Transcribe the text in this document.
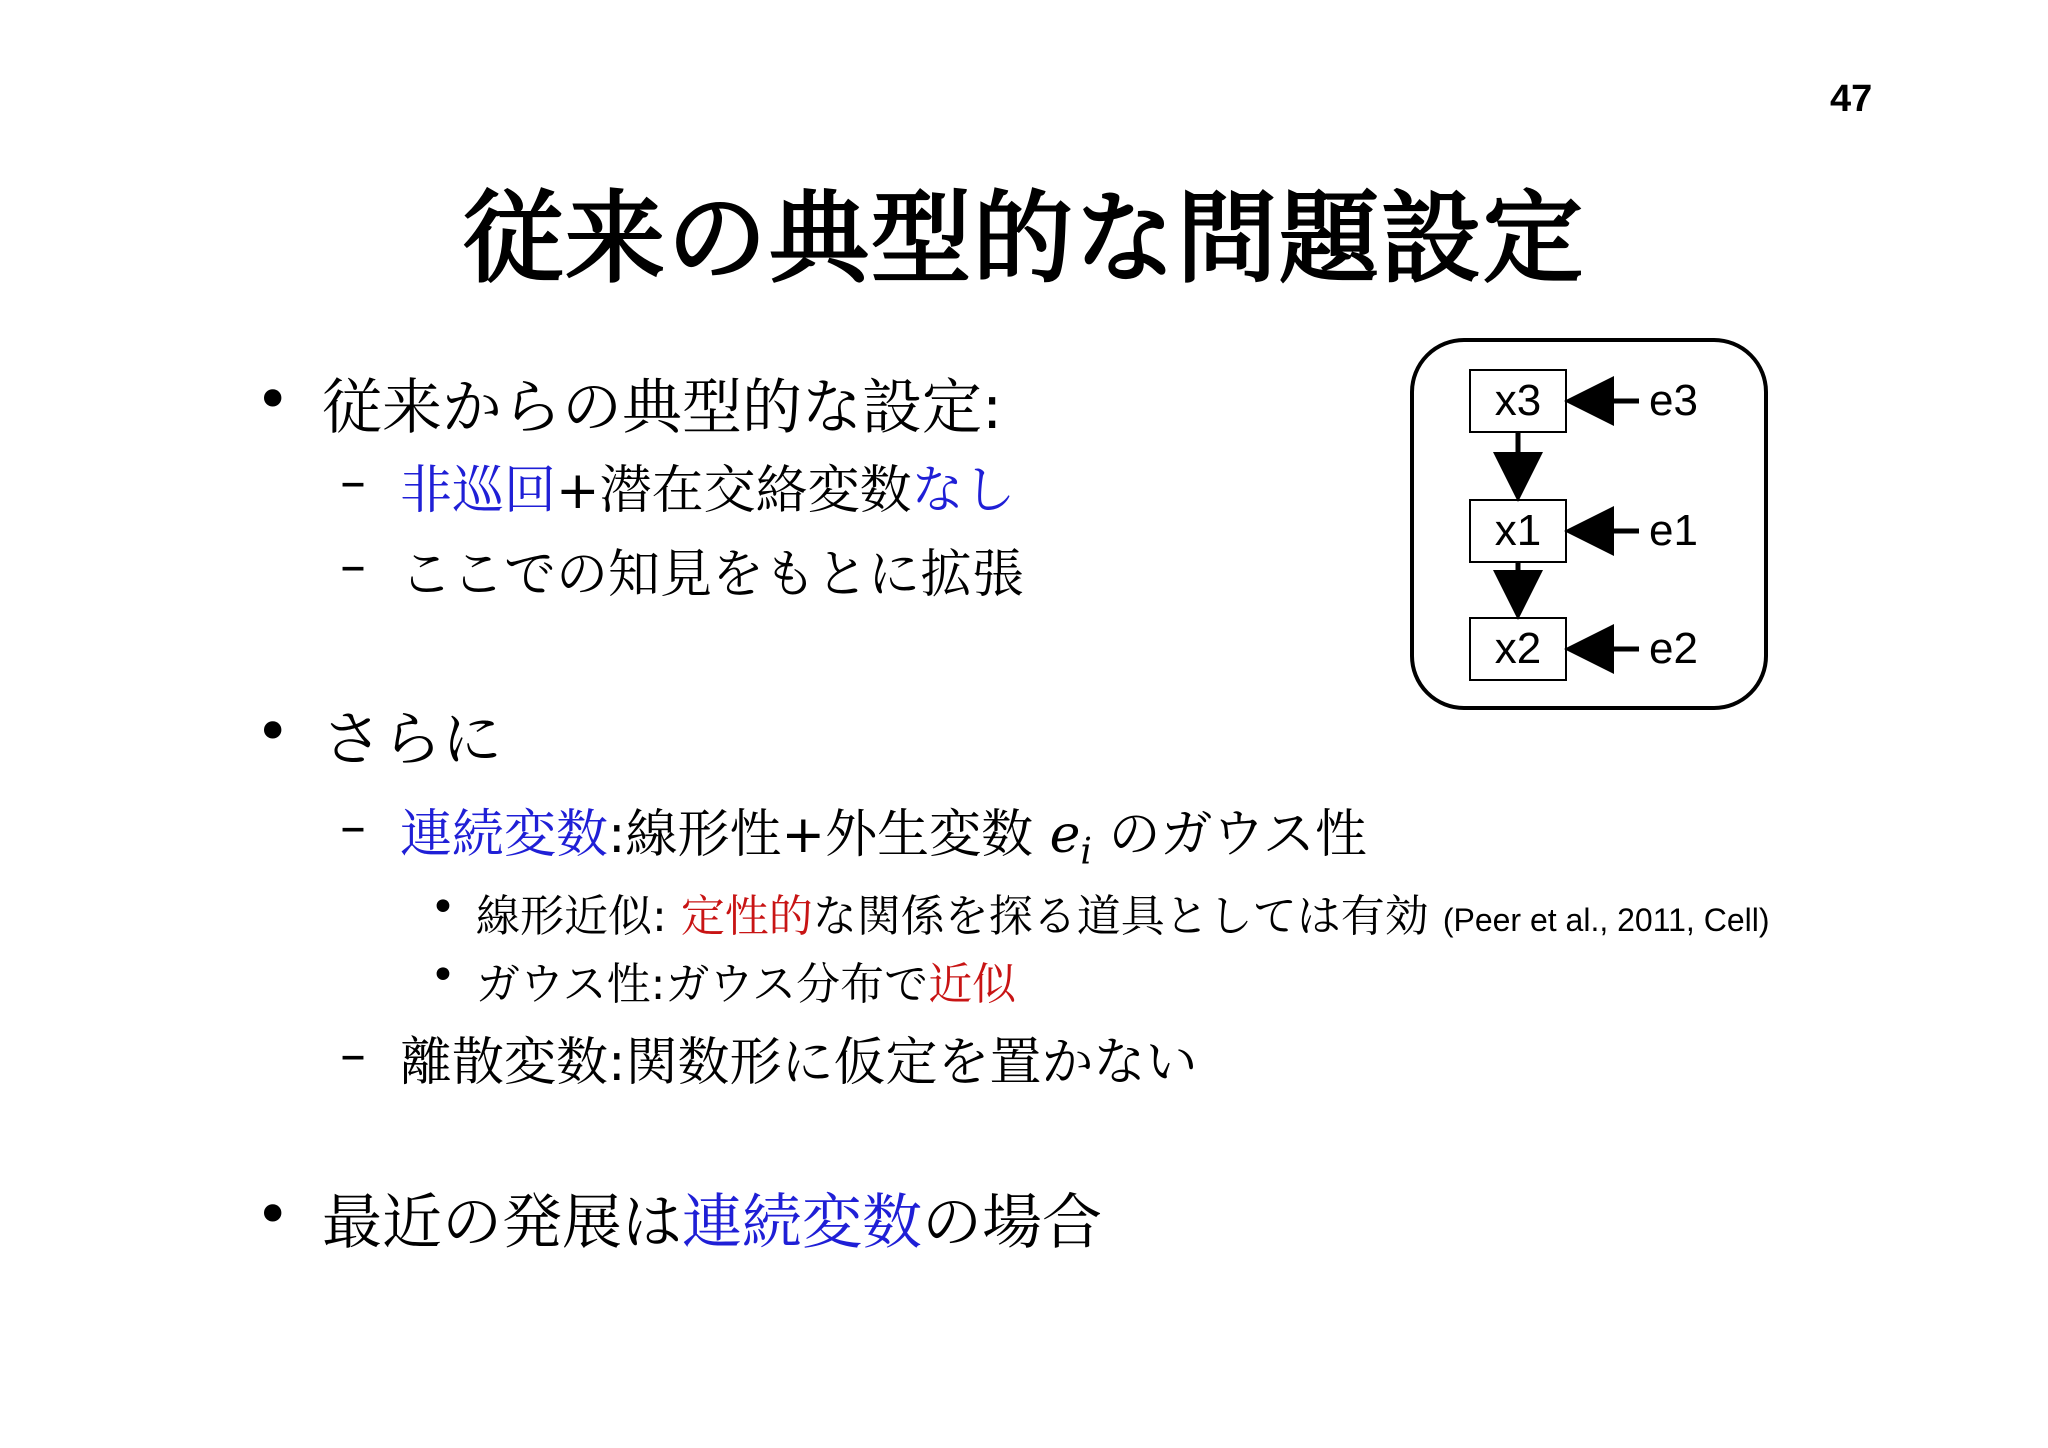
47
従来の典型的な問題設定
• 従来からの典型的な設定:
– 非巡回+潜在交絡変数なし
– ここでの知見をもとに拡張
• さらに
– 連続変数:線形性+外生変数 $e_i$ のガウス性
• 線形近似: 定性的な関係を探る道具としては有効 (Peer et al., 2011, Cell)
• ガウス性:ガウス分布で近似
– 離散変数:関数形に仮定を置かない
• 最近の発展は連続変数の場合
x3 e3
x1 e1
x2 e2
